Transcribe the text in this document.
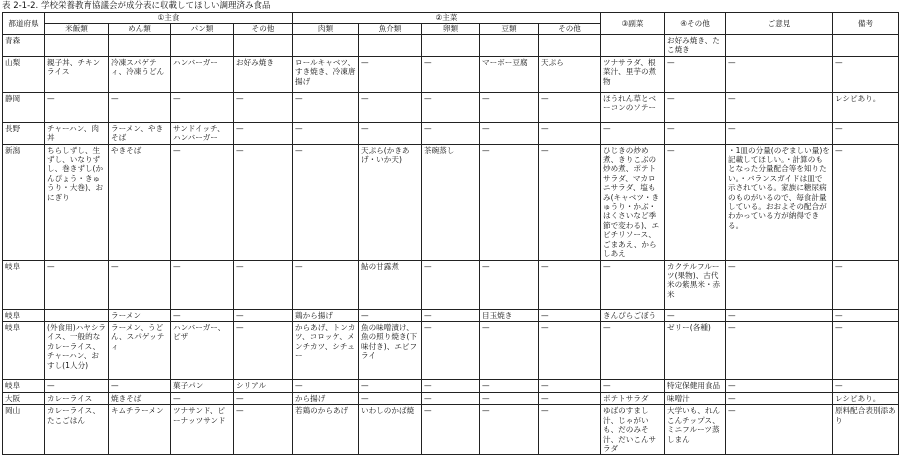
表 2-1-2. 学校栄養教育協議会が成分表に収載してほしい調理済み食品
都道府県	①主食				②主菜					③副菜	④その他	ご意見	備考
	米飯類	めん類	パン類	その他	肉類	魚介類	卵類	豆類	その他				
青森											お好み焼き、たこ焼き		
山梨	親子丼、チキンライス	冷凍スパゲティ、冷凍うどん	ハンバーガー	お好み焼き	ロールキャベツ、すき焼き、冷凍唐揚げ	—	—	マーボー豆腐	天ぷら	ツナサラダ、根菜汁、里芋の煮物	—	—	—
静岡	—	—	—	—	—	—	—	—	—	ほうれん草とベーコンのソテー	—	—	レシピあり。
長野	チャーハン、肉丼	ラーメン、やきそば	サンドイッチ、ハンバーガー	—	—	—	—	—	—	—	—	—	—
新潟	ちらしずし、生ずし、いなりずし、巻きずし(かんぴょう・きゅうり・大巻)、おにぎり	やきそば	—	—	—	天ぷら(かきあげ・いか天)	茶碗蒸し	—	—	ひじきの炒め煮、きりこぶの炒め煮、ポテトサラダ、マカロニサラダ、塩もみ(キャベツ・きゅうり・かぶ・はくさいなど季節で変わる)、エビチリソース、ごまあえ、からしあえ	—	・1皿の分量(のぞましい量)を記載してほしい。・計算のもとなった分量配合等を知りたい。・バランスガイドは皿で示されている。家族に糖尿病のものがいるので、毎食計量している。おおよその配合がわかっている方が納得できる。	—
岐阜	—	—	—	—	—	鮎の甘露煮	—	—	—	—	カクテルフルーツ(果物)、古代米の紫黒米・赤米	—	—
岐阜		ラーメン	—	—	鶏から揚げ	—	—	目玉焼き	—	きんぴらごぼう	—	—	—
岐阜	(外食用)ハヤシライス、一般的なカレーライス、チャーハン、おすし(1人分)	ラーメン、うどん、スパゲッティ	ハンバーガー、ピザ	—	からあげ、トンカツ、コロッケ、メンチカツ、シチュー	魚の味噌漬け、魚の照り焼き(下味付き)、エビフライ	—	—	—	—	ゼリー(各種)	—	—
岐阜	—	—	菓子パン	シリアル	—	—	—	—	—	—	特定保健用食品	—	—
大阪	カレーライス	焼きそば	—	—	から揚げ	—	—	—	—	ポテトサラダ	味噌汁	—	レシピあり。
岡山	カレーライス、たこごはん	キムチラーメン	ツナサンド、ピーナッツサンド	—	若鶏のからあげ	いわしのかば焼	—	—	—	ゆばのすまし汁、じゃがいも、だのみそ汁、だいこんサラダ	大学いも、れんこんチップス、ミニフルーツ蒸しまん	—	原料配合表別添あり
